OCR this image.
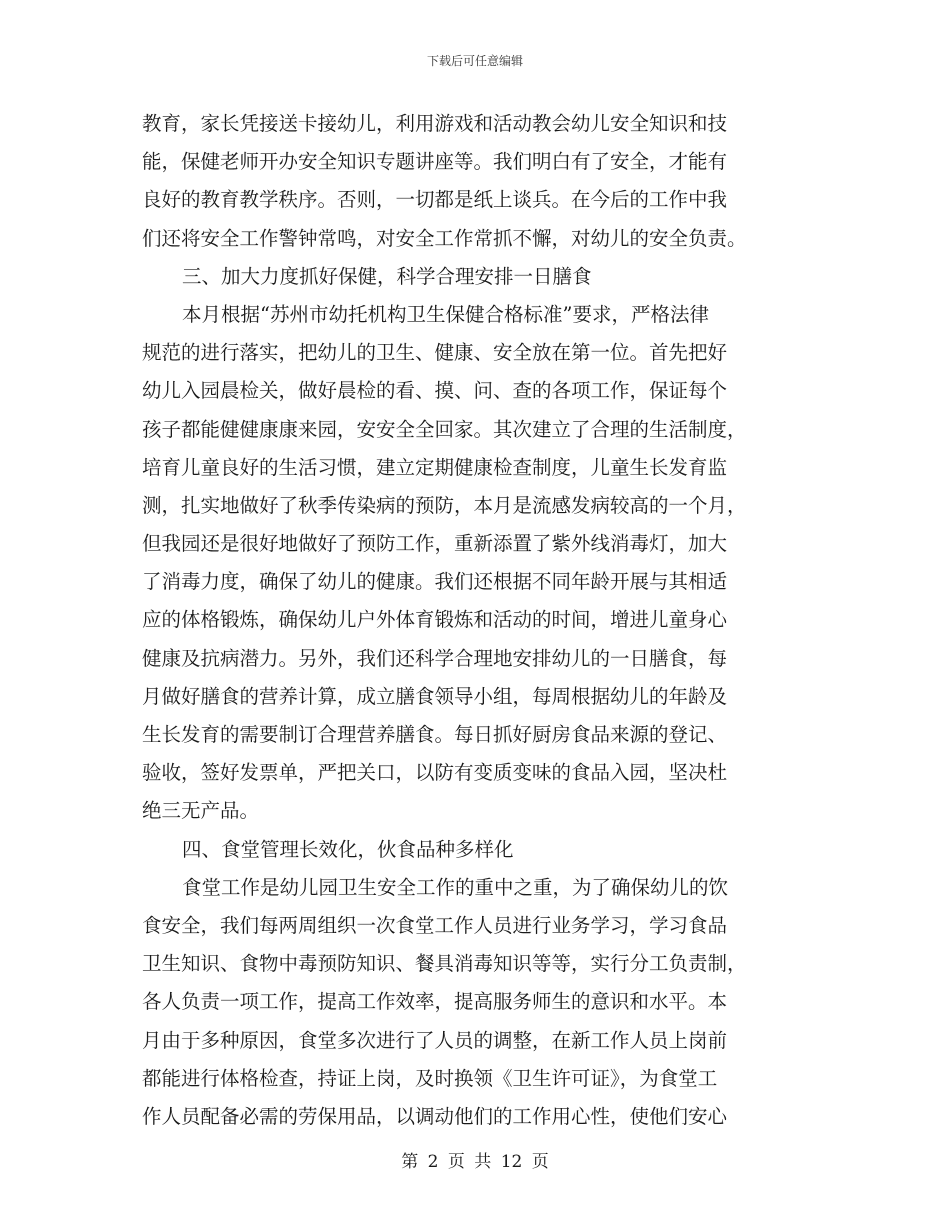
下载后可任意编辑
教育，家长凭接送卡接幼儿，利用游戏和活动教会幼儿安全知识和技
能，保健老师开办安全知识专题讲座等。我们明白有了安全，才能有
良好的教育教学秩序。否则，一切都是纸上谈兵。在今后的工作中我
们还将安全工作警钟常鸣，对安全工作常抓不懈，对幼儿的安全负责。
三、加大力度抓好保健，科学合理安排一日膳食
本月根据“苏州市幼托机构卫生保健合格标准”要求，严格法律
规范的进行落实，把幼儿的卫生、健康、安全放在第一位。首先把好
幼儿入园晨检关，做好晨检的看、摸、问、查的各项工作，保证每个
孩子都能健健康康来园，安安全全回家。其次建立了合理的生活制度，
培育儿童良好的生活习惯，建立定期健康检查制度，儿童生长发育监
测，扎实地做好了秋季传染病的预防，本月是流感发病较高的一个月，
但我园还是很好地做好了预防工作，重新添置了紫外线消毒灯，加大
了消毒力度，确保了幼儿的健康。我们还根据不同年龄开展与其相适
应的体格锻炼，确保幼儿户外体育锻炼和活动的时间，增进儿童身心
健康及抗病潜力。另外，我们还科学合理地安排幼儿的一日膳食，每
月做好膳食的营养计算，成立膳食领导小组，每周根据幼儿的年龄及
生长发育的需要制订合理营养膳食。每日抓好厨房食品来源的登记、
验收，签好发票单，严把关口，以防有变质变味的食品入园，坚决杜
绝三无产品。
四、食堂管理长效化，伙食品种多样化
食堂工作是幼儿园卫生安全工作的重中之重，为了确保幼儿的饮
食安全，我们每两周组织一次食堂工作人员进行业务学习，学习食品
卫生知识、食物中毒预防知识、餐具消毒知识等等，实行分工负责制，
各人负责一项工作，提高工作效率，提高服务师生的意识和水平。本
月由于多种原因，食堂多次进行了人员的调整，在新工作人员上岗前
都能进行体格检查，持证上岗，及时换领《卫生许可证》，为食堂工
作人员配备必需的劳保用品，以调动他们的工作用心性，使他们安心
第 2 页 共 12 页
